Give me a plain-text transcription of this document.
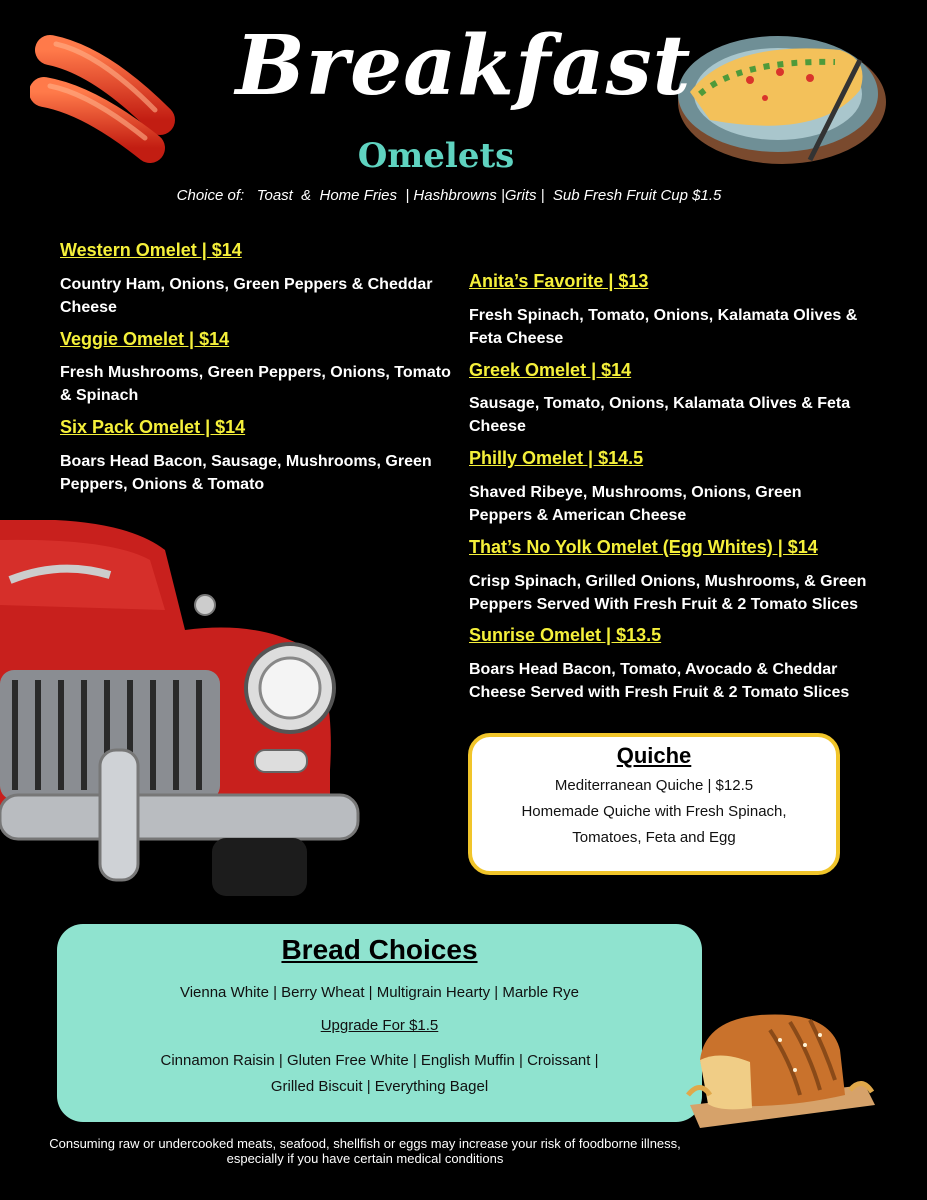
Breakfast
Omelets
Choice of:   Toast  &  Home Fries  | Hashbrowns |Grits |  Sub Fresh Fruit Cup $1.5
Western Omelet | $14
Country Ham, Onions, Green Peppers & Cheddar Cheese
Veggie Omelet | $14
Fresh Mushrooms, Green Peppers, Onions, Tomato & Spinach
Six Pack Omelet | $14
Boars Head Bacon, Sausage, Mushrooms, Green Peppers, Onions & Tomato
Anita’s Favorite | $13
Fresh Spinach, Tomato, Onions, Kalamata Olives & Feta Cheese
Greek Omelet | $14
Sausage, Tomato, Onions, Kalamata Olives & Feta Cheese
Philly Omelet | $14.5
Shaved Ribeye, Mushrooms, Onions, Green Peppers & American Cheese
That’s No Yolk Omelet (Egg Whites) | $14
Crisp Spinach, Grilled Onions, Mushrooms, & Green Peppers Served With Fresh Fruit & 2 Tomato Slices
Sunrise Omelet | $13.5
Boars Head Bacon, Tomato, Avocado & Cheddar Cheese Served with Fresh Fruit & 2 Tomato Slices
Quiche
Mediterranean Quiche | $12.5
Homemade Quiche with Fresh Spinach,
Tomatoes, Feta and Egg
Bread Choices
Vienna White | Berry Wheat | Multigrain Hearty | Marble Rye
Upgrade For $1.5
Cinnamon Raisin | Gluten Free White | English Muffin | Croissant |
Grilled Biscuit | Everything Bagel
Consuming raw or undercooked meats, seafood, shellfish or eggs may increase your risk of foodborne illness, especially if you have certain medical conditions
